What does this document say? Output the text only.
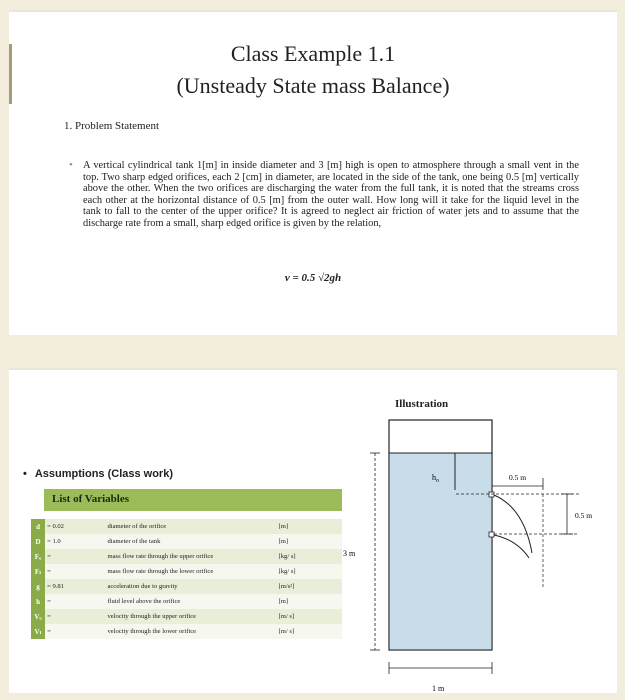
Class Example 1.1
(Unsteady State mass Balance)
1. Problem Statement
• A vertical cylindrical tank 1[m] in inside diameter and 3 [m] high is open to atmosphere through a small vent in the top. Two sharp edged orifices, each 2 [cm] in diameter, are located in the side of the tank, one being 0.5 [m] vertically above the other. When the two orifices are discharging the water from the full tank, it is noted that the streams cross each other at the horizontal distance of 0.5 [m] from the outer wall. How long will it take for the liquid level in the tank to fall to the center of the upper orifice? It is agreed to neglect air friction of water jets and to assume that the discharge rate from a small, sharp edged orifice is given by the relation,
v = 0.5 √2gh
Illustration
• Assumptions (Class work)
List of Variables
d	= 0.02	diameter of the orifice	[m]
D	= 1.0	diameter of the tank	[m]
Fᵤ	=	mass flow rate through the upper orifice	[kg/ s]
Fₗ	=	mass flow rate through the lower orifice	[kg/ s]
g	= 9.81	acceleration due to gravity	[m/s²]
h	=	fluid level above the orifice	[m]
Vᵤ	=	velocity through the upper orifice	[m/ s]
Vₗ	=	velocity through the lower orifice	[m/ s]
3 m
1 m
$h_o$	0.5 m
0.5 m
